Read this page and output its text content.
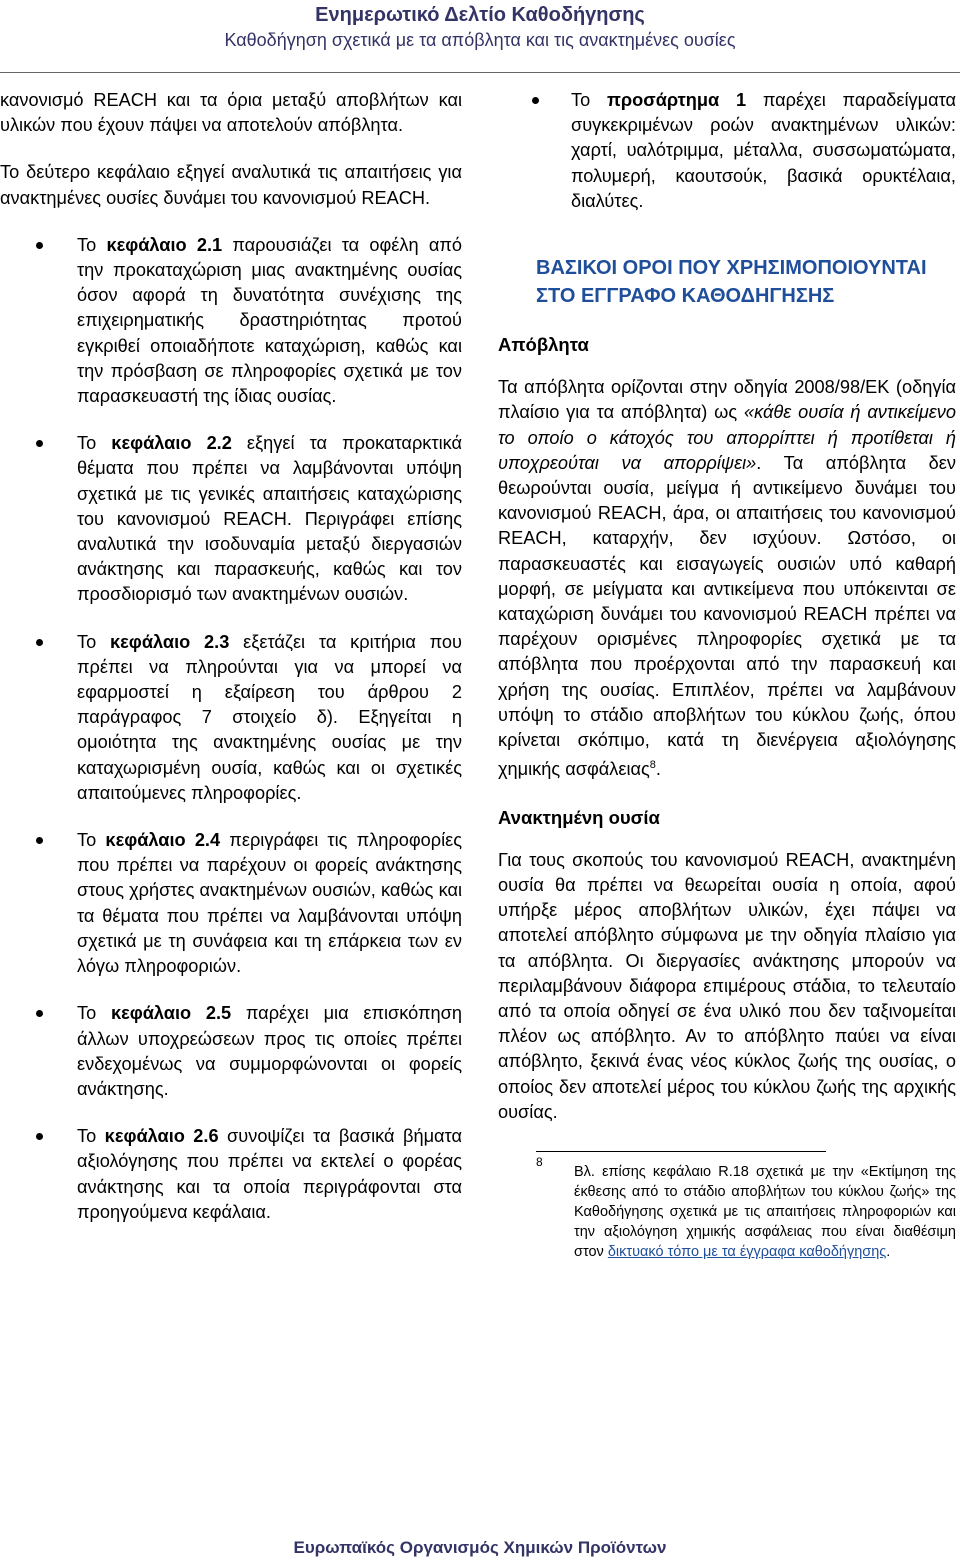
Ενημερωτικό Δελτίο Καθοδήγησης
Καθοδήγηση σχετικά με τα απόβλητα και τις ανακτημένες ουσίες

κανονισμό REACH και τα όρια μεταξύ αποβλήτων και υλικών που έχουν πάψει να αποτελούν απόβλητα.

Το δεύτερο κεφάλαιο εξηγεί αναλυτικά τις απαιτήσεις για ανακτημένες ουσίες δυνάμει του κανονισμού REACH.

Το κεφάλαιο 2.1 παρουσιάζει τα οφέλη από την προκαταχώριση μιας ανακτημένης ουσίας όσον αφορά τη δυνατότητα συνέχισης της επιχειρηματικής δραστηριότητας προτού εγκριθεί οποιαδήποτε καταχώριση, καθώς και την πρόσβαση σε πληροφορίες σχετικά με τον παρασκευαστή της ίδιας ουσίας.

Το κεφάλαιο 2.2 εξηγεί τα προκαταρκτικά θέματα που πρέπει να λαμβάνονται υπόψη σχετικά με τις γενικές απαιτήσεις καταχώρισης του κανονισμού REACH. Περιγράφει επίσης αναλυτικά την ισοδυναμία μεταξύ διεργασιών ανάκτησης και παρασκευής, καθώς και τον προσδιορισμό των ανακτημένων ουσιών.

Το κεφάλαιο 2.3 εξετάζει τα κριτήρια που πρέπει να πληρούνται για να μπορεί να εφαρμοστεί η εξαίρεση του άρθρου 2 παράγραφος 7 στοιχείο δ). Εξηγείται η ομοιότητα της ανακτημένης ουσίας με την καταχωρισμένη ουσία, καθώς και οι σχετικές απαιτούμενες πληροφορίες.

Το κεφάλαιο 2.4 περιγράφει τις πληροφορίες που πρέπει να παρέχουν οι φορείς ανάκτησης στους χρήστες ανακτημένων ουσιών, καθώς και τα θέματα που πρέπει να λαμβάνονται υπόψη σχετικά με τη συνάφεια και τη επάρκεια των εν λόγω πληροφοριών.

Το κεφάλαιο 2.5 παρέχει μια επισκόπηση άλλων υποχρεώσεων προς τις οποίες πρέπει ενδεχομένως να συμμορφώνονται οι φορείς ανάκτησης.

Το κεφάλαιο 2.6 συνοψίζει τα βασικά βήματα αξιολόγησης που πρέπει να εκτελεί ο φορέας ανάκτησης και τα οποία περιγράφονται στα προηγούμενα κεφάλαια.

Το προσάρτημα 1 παρέχει παραδείγματα συγκεκριμένων ροών ανακτημένων υλικών: χαρτί, υαλότριμμα, μέταλλα, συσσωματώματα, πολυμερή, καουτσούκ, βασικά ορυκτέλαια, διαλύτες.

ΒΑΣΙΚΟΙ ΟΡΟΙ ΠΟΥ ΧΡΗΣΙΜΟΠΟΙΟΥΝΤΑΙ ΣΤΟ ΕΓΓΡΑΦΟ ΚΑΘΟΔΗΓΗΣΗΣ

Απόβλητα

Τα απόβλητα ορίζονται στην οδηγία 2008/98/ΕΚ (οδηγία πλαίσιο για τα απόβλητα) ως «κάθε ουσία ή αντικείμενο το οποίο ο κάτοχός του απορρίπτει ή προτίθεται ή υποχρεούται να απορρίψει». Τα απόβλητα δεν θεωρούνται ουσία, μείγμα ή αντικείμενο δυνάμει του κανονισμού REACH, άρα, οι απαιτήσεις του κανονισμού REACH, καταρχήν, δεν ισχύουν. Ωστόσο, οι παρασκευαστές και εισαγωγείς ουσιών υπό καθαρή μορφή, σε μείγματα και αντικείμενα που υπόκεινται σε καταχώριση δυνάμει του κανονισμού REACH πρέπει να παρέχουν ορισμένες πληροφορίες σχετικά με τα απόβλητα που προέρχονται από την παρασκευή και χρήση της ουσίας. Επιπλέον, πρέπει να λαμβάνουν υπόψη το στάδιο αποβλήτων του κύκλου ζωής, όπου κρίνεται σκόπιμο, κατά τη διενέργεια αξιολόγησης χημικής ασφάλειας$^8$.

Ανακτημένη ουσία

Για τους σκοπούς του κανονισμού REACH, ανακτημένη ουσία θα πρέπει να θεωρείται ουσία η οποία, αφού υπήρξε μέρος αποβλήτων υλικών, έχει πάψει να αποτελεί απόβλητο σύμφωνα με την οδηγία πλαίσιο για τα απόβλητα. Οι διεργασίες ανάκτησης μπορούν να περιλαμβάνουν διάφορα επιμέρους στάδια, το τελευταίο από τα οποία οδηγεί σε ένα υλικό που δεν ταξινομείται πλέον ως απόβλητο. Αν το απόβλητο παύει να είναι απόβλητο, ξεκινά ένας νέος κύκλος ζωής της ουσίας, ο οποίος δεν αποτελεί μέρος του κύκλου ζωής της αρχικής ουσίας.

8
Βλ. επίσης κεφάλαιο R.18 σχετικά με την «Εκτίμηση της έκθεσης από το στάδιο αποβλήτων του κύκλου ζωής» της Καθοδήγησης σχετικά με τις απαιτήσεις πληροφοριών και την αξιολόγηση χημικής ασφάλειας που είναι διαθέσιμη στον δικτυακό τόπο με τα έγγραφα καθοδήγησης.
Ευρωπαϊκός Οργανισμός Χημικών Προϊόντων
